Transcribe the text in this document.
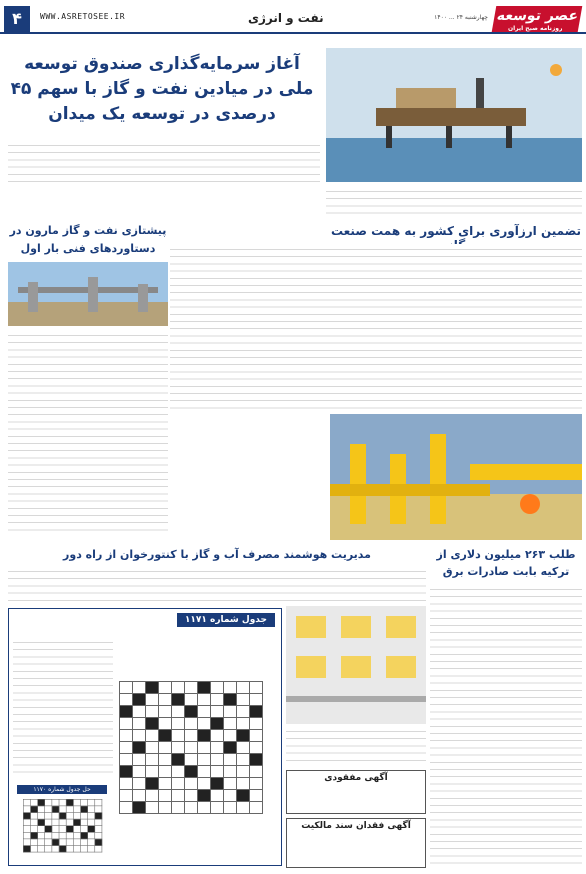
۴	WWW.ASRETOSEE.IR	نفت و انرژی	چهارشنبه ۲۴ ... ۱۴۰۰ عصر توسعه
روزنامه صبح ایران
آغاز سرمایه‌گذاری صندوق توسعه ملی در میادین نفت و گاز با سهم ۴۵ درصدی در توسعه یک میدان
تضمین ارزآوری برای کشور به همت صنعت
پیشتازی نفت و گاز مارون در دستاوردهای فنی بار اول
طلب ۲۶۳ میلیون دلاری از ترکیه بابت صادرات برق
مدیریت هوشمند مصرف آب و گاز با کنتورخوان از راه دور
آگهی مفقودی
آگهی فقدان سند مالکیت
جدول شماره ۱۱۷۱

حل جدول شماره ۱۱۷۰
